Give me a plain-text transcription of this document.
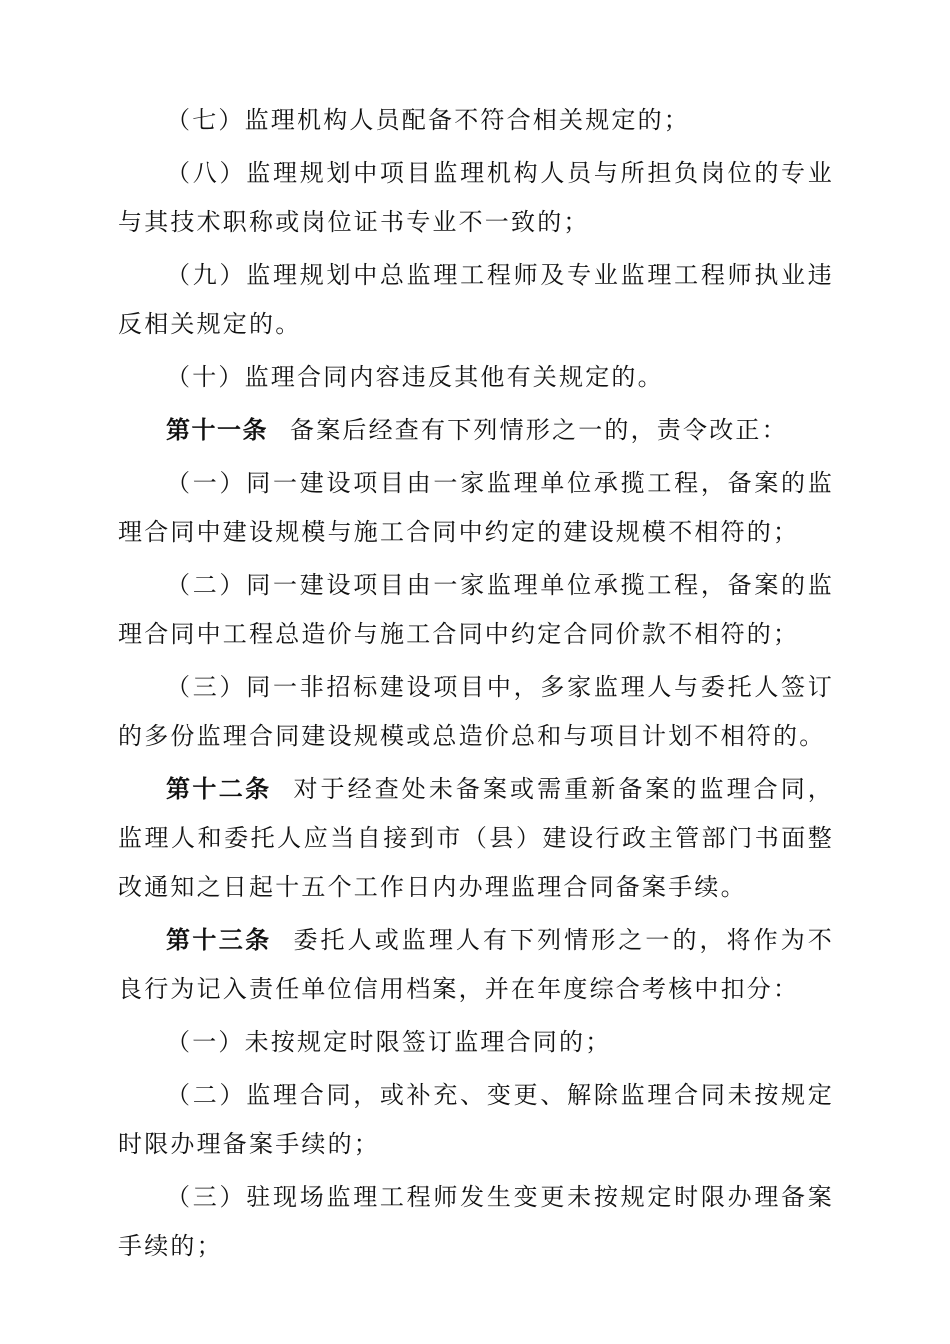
（七）监理机构人员配备不符合相关规定的；

（八）监理规划中项目监理机构人员与所担负岗位的专业与其技术职称或岗位证书专业不一致的；

（九）监理规划中总监理工程师及专业监理工程师执业违反相关规定的。

（十）监理合同内容违反其他有关规定的。

第十一条 备案后经查有下列情形之一的，责令改正：

（一）同一建设项目由一家监理单位承揽工程，备案的监理合同中建设规模与施工合同中约定的建设规模不相符的；

（二）同一建设项目由一家监理单位承揽工程，备案的监理合同中工程总造价与施工合同中约定合同价款不相符的；

（三）同一非招标建设项目中，多家监理人与委托人签订的多份监理合同建设规模或总造价总和与项目计划不相符的。

第十二条 对于经查处未备案或需重新备案的监理合同，监理人和委托人应当自接到市（县）建设行政主管部门书面整改通知之日起十五个工作日内办理监理合同备案手续。

第十三条 委托人或监理人有下列情形之一的，将作为不良行为记入责任单位信用档案，并在年度综合考核中扣分：

（一）未按规定时限签订监理合同的；

（二）监理合同，或补充、变更、解除监理合同未按规定时限办理备案手续的；

（三）驻现场监理工程师发生变更未按规定时限办理备案手续的；
